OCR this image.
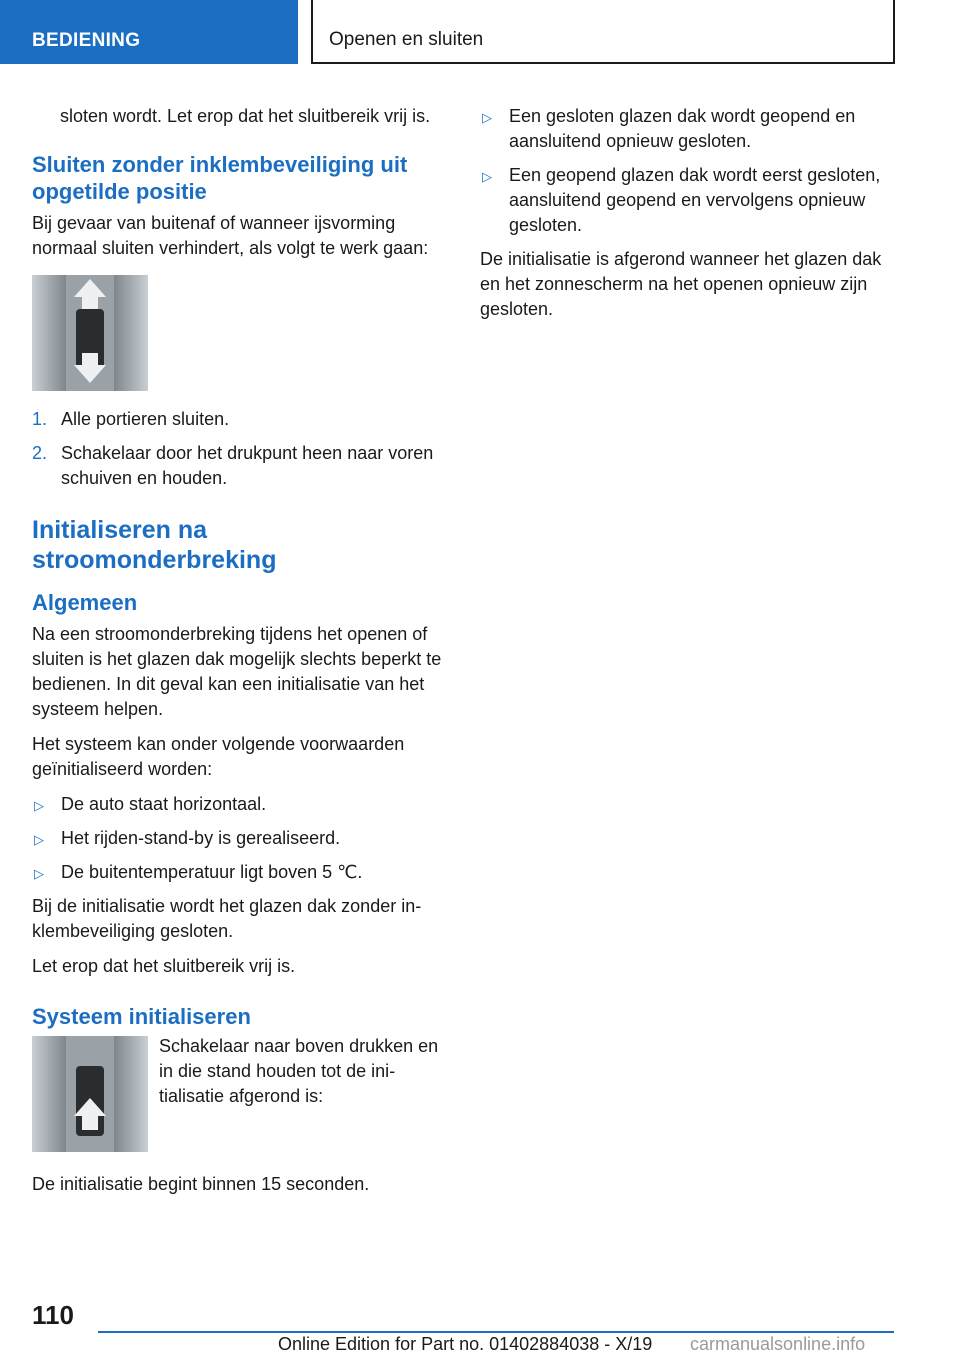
BEDIENING	Openen en sluiten

sloten wordt. Let erop dat het sluitbereik vrij is.

Sluiten zonder inklembeveiliging uit opgetilde positie

Bij gevaar van buitenaf of wanneer ijsvorming normaal sluiten verhindert, als volgt te werk gaan:

1. Alle portieren sluiten.
2. Schakelaar door het drukpunt heen naar voren schuiven en houden.
Initialiseren na stroomonderbreking
Algemeen

Na een stroomonderbreking tijdens het openen of sluiten is het glazen dak mogelijk slechts beperkt te bedienen. In dit geval kan een initialisatie van het systeem helpen.

Het systeem kan onder volgende voorwaarden geïnitialiseerd worden:

▷ De auto staat horizontaal.
▷ Het rijden-stand-by is gerealiseerd.
▷ De buitentemperatuur ligt boven 5 ℃.

Bij de initialisatie wordt het glazen dak zonder inklembeveiliging gesloten.

Let erop dat het sluitbereik vrij is.

Systeem initialiseren

Schakelaar naar boven drukken en in die stand houden tot de initialisatie afgerond is:

De initialisatie begint binnen 15 seconden.

▷ Een gesloten glazen dak wordt geopend en aansluitend opnieuw gesloten.
▷ Een geopend glazen dak wordt eerst gesloten, aansluitend geopend en vervolgens opnieuw gesloten.

De initialisatie is afgerond wanneer het glazen dak en het zonnescherm na het openen opnieuw zijn gesloten.

110
Online Edition for Part no. 01402884038 - X/19 carmanualsonline.info
